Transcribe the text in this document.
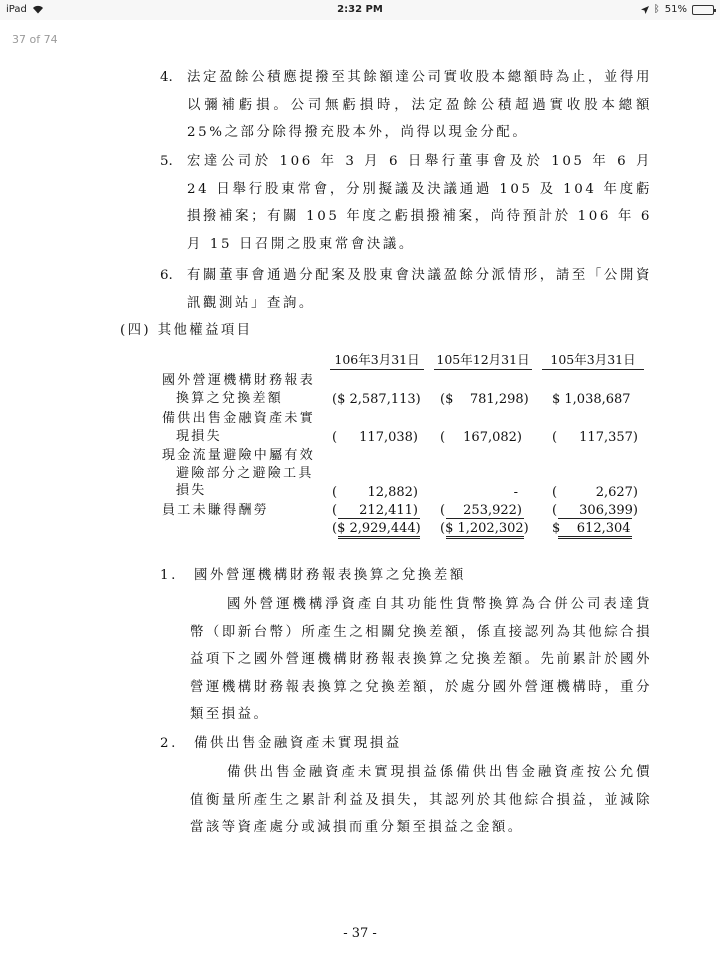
iPad	2:32 PM	ᛒ 51%
37 of 74
4. 法定盈餘公積應提撥至其餘額達公司實收股本總額時為止，並得用以彌補虧損。公司無虧損時，法定盈餘公積超過實收股本總額 25%之部分除得撥充股本外，尚得以現金分配。
5. 宏達公司於 106 年 3 月 6 日舉行董事會及於 105 年 6 月 24 日舉行股東常會，分別擬議及決議通過 105 及 104 年度虧損撥補案；有關 105 年度之虧損撥補案，尚待預計於 106 年 6 月 15 日召開之股東常會決議。
6. 有關董事會通過分配案及股東會決議盈餘分派情形，請至「公開資訊觀測站」查詢。
(四) 其他權益項目
106年3月31日	105年12月31日	105年3月31日
國外營運機構財務報表
換算之兌換差額	($ 2,587,113) ($    781,298) $ 1,038,687
備供出售金融資產未實
現損失	(	117,038) (	167,082) (	117,357)
現金流量避險中屬有效
避險部分之避險工具
損失	(	12,882)	-	(	2,627)
員工未賺得酬勞	(	212,411) (	253,922) (	306,399)
($ 2,929,444) ($ 1,202,302) $    612,304
1.　國外營運機構財務報表換算之兌換差額
國外營運機構淨資產自其功能性貨幣換算為合併公司表達貨幣（即新台幣）所產生之相關兌換差額，係直接認列為其他綜合損益項下之國外營運機構財務報表換算之兌換差額。先前累計於國外營運機構財務報表換算之兌換差額，於處分國外營運機構時，重分類至損益。
2.　備供出售金融資產未實現損益
備供出售金融資產未實現損益係備供出售金融資產按公允價值衡量所產生之累計利益及損失，其認列於其他綜合損益，並減除當該等資產處分或減損而重分類至損益之金額。
- 37 -
